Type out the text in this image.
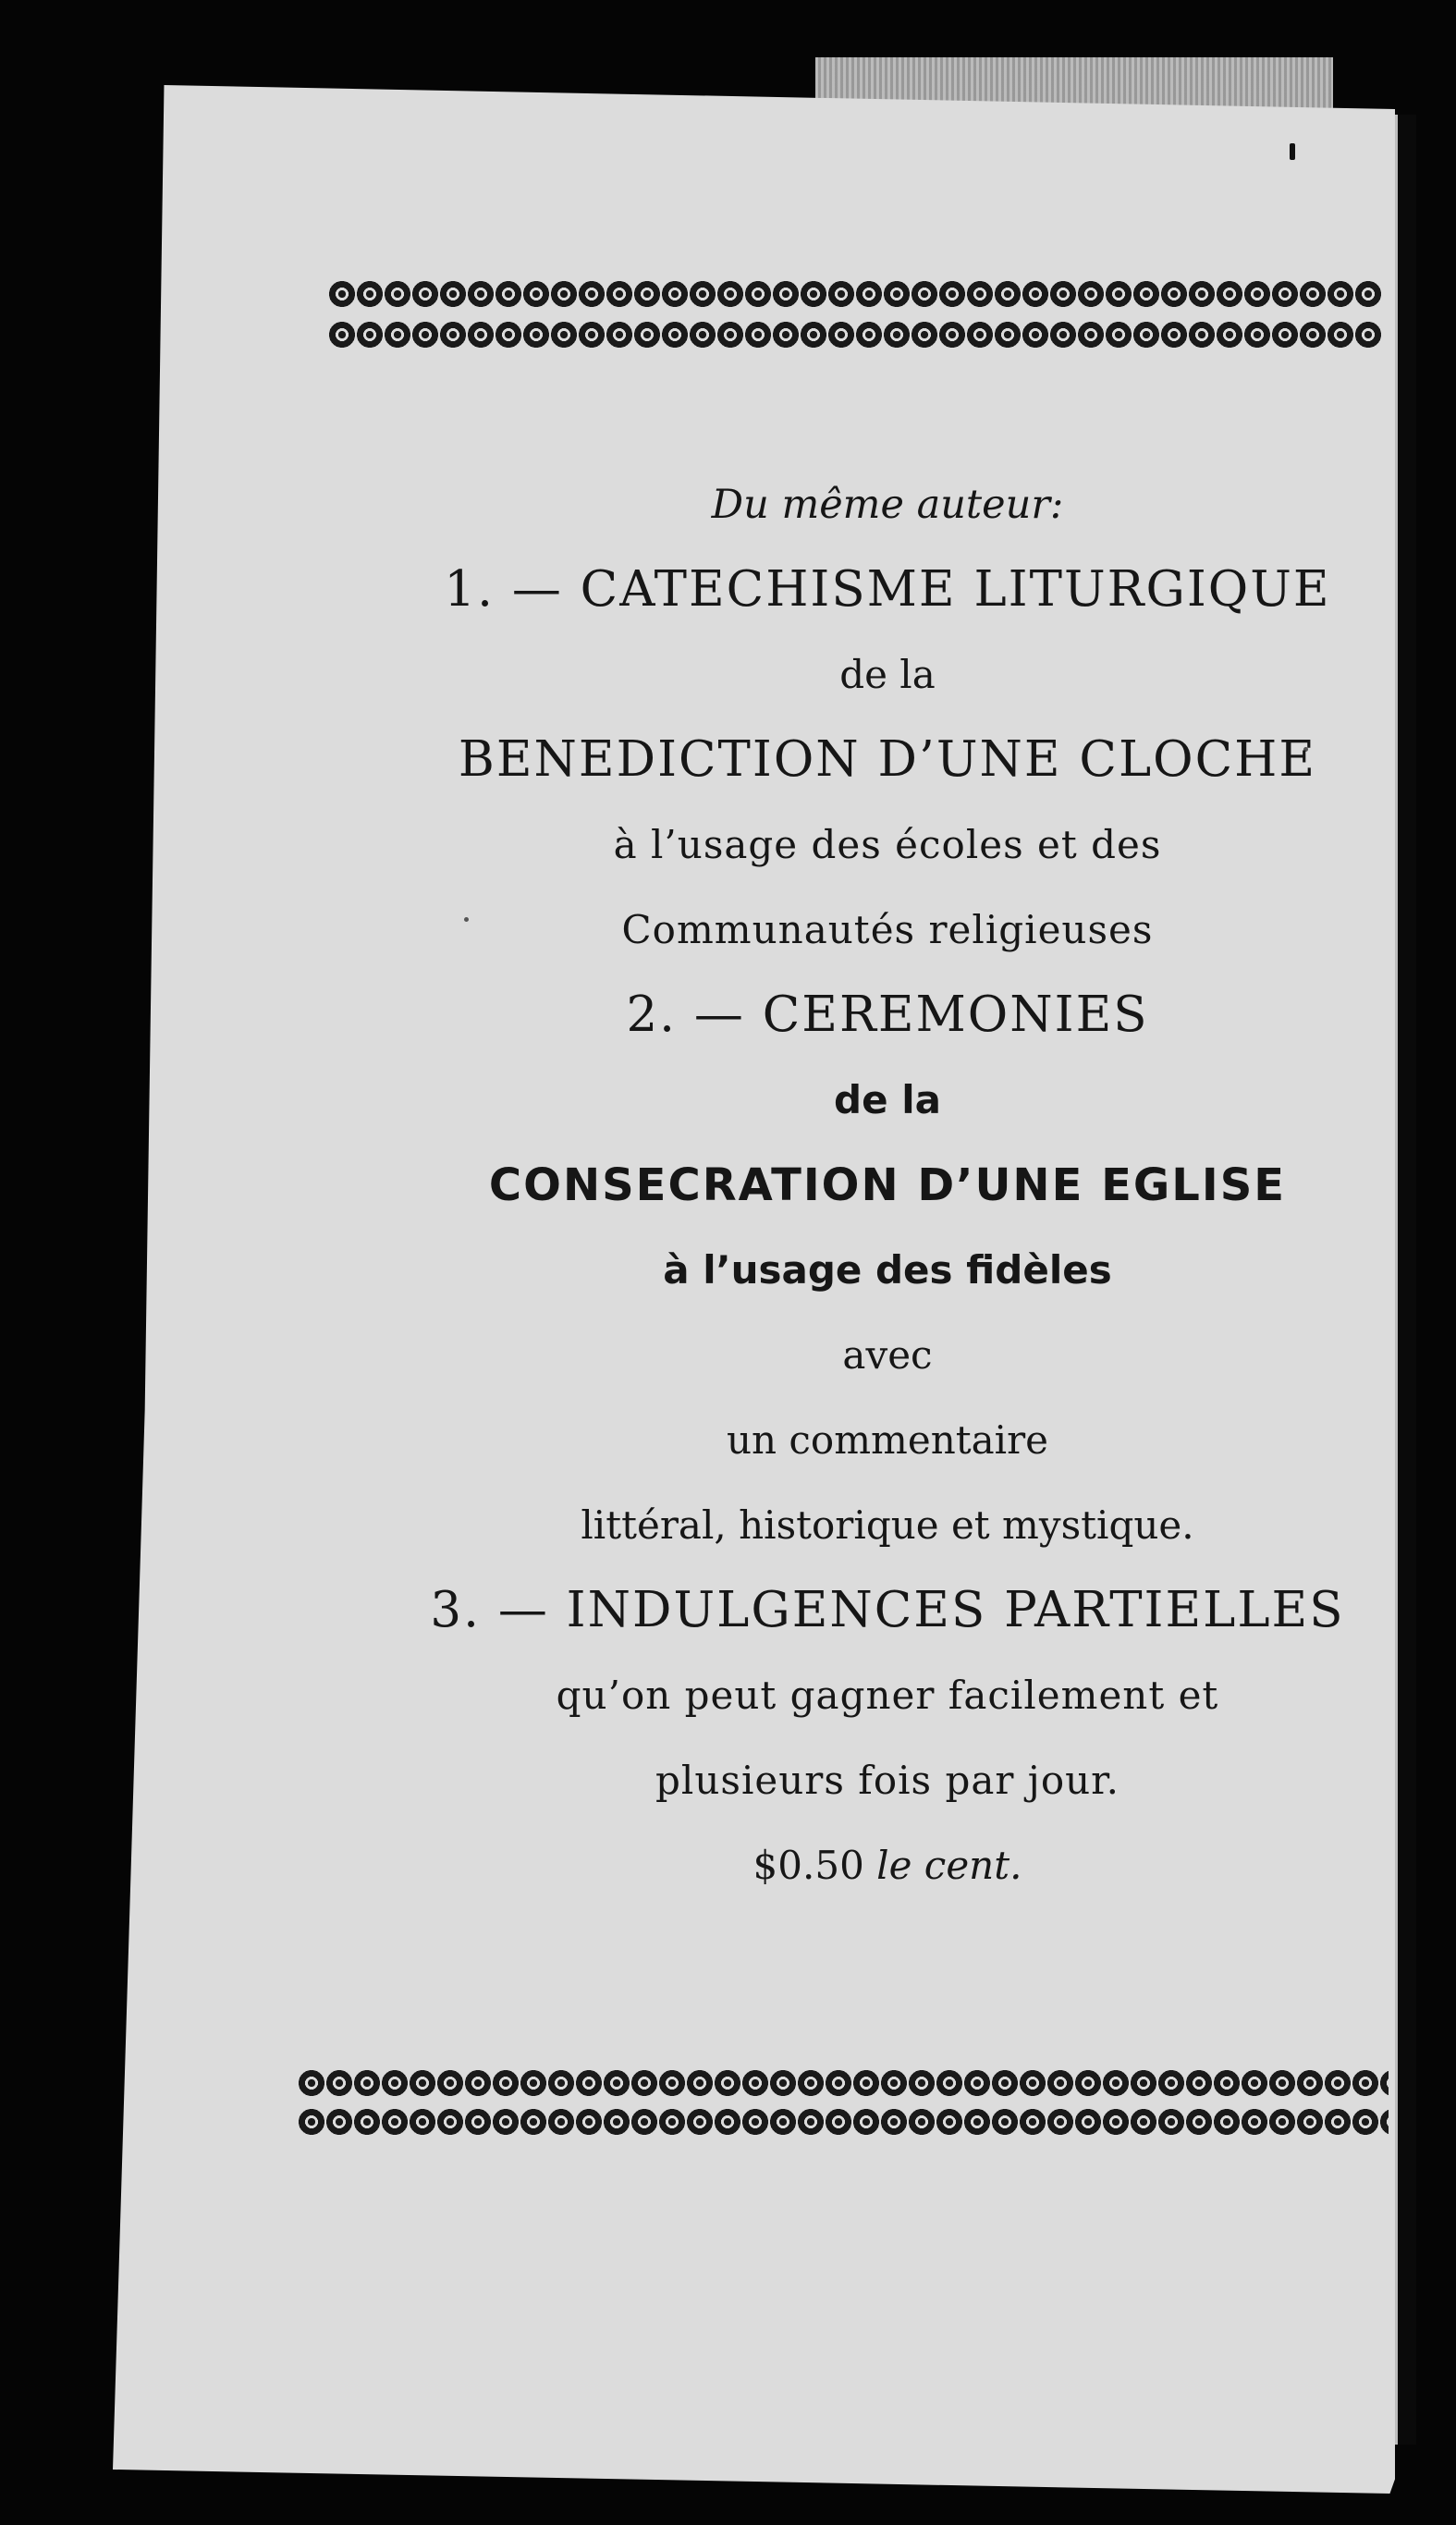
Du même auteur:
1. — CATECHISME LITURGIQUE
de la
BENEDICTION D’UNE CLOCHE
à l’usage des écoles et des
Communautés religieuses
2. — CEREMONIES
de la
CONSECRATION D’UNE EGLISE
à l’usage des fidèles
avec
un commentaire
littéral, historique et mystique.
3. — INDULGENCES PARTIELLES
qu’on peut gagner facilement et
plusieurs fois par jour.
$0.50 le cent.
